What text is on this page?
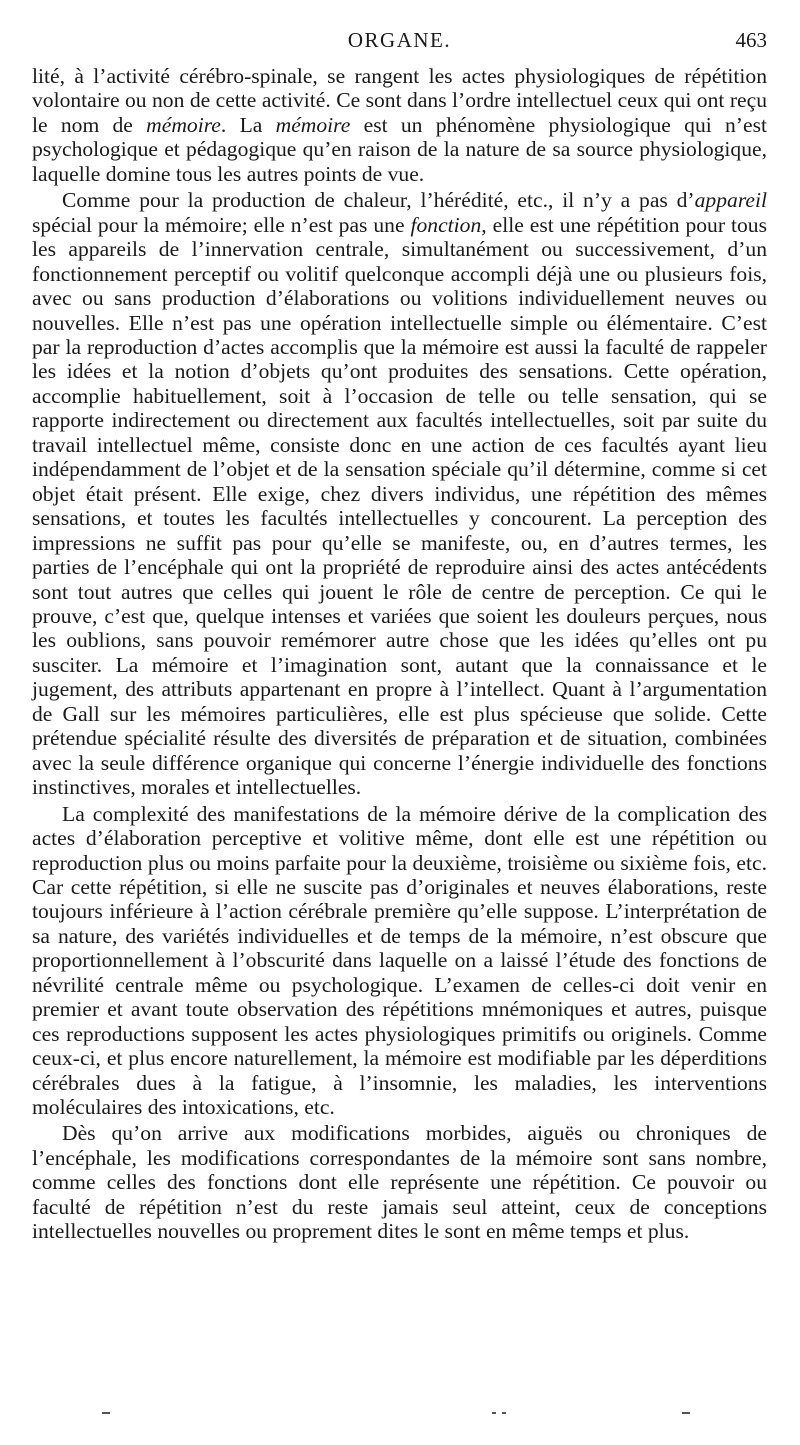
ORGANE.	463

lité, à l’activité cérébro-spinale, se rangent les actes physiologiques de répétition volontaire ou non de cette activité. Ce sont dans l’ordre intellectuel ceux qui ont reçu le nom de mémoire. La mémoire est un phénomène physiologique qui n’est psychologique et pédagogique qu’en raison de la nature de sa source physiologique, laquelle domine tous les autres points de vue.

Comme pour la production de chaleur, l’hérédité, etc., il n’y a pas d’appareil spécial pour la mémoire; elle n’est pas une fonction, elle est une répétition pour tous les appareils de l’innervation centrale, simultanément ou successivement, d’un fonctionnement perceptif ou volitif quelconque accompli déjà une ou plusieurs fois, avec ou sans production d’élaborations ou volitions individuellement neuves ou nouvelles. Elle n’est pas une opération intellectuelle simple ou élémentaire. C’est par la reproduction d’actes accomplis que la mémoire est aussi la faculté de rappeler les idées et la notion d’objets qu’ont produites des sensations. Cette opération, accomplie habituellement, soit à l’occasion de telle ou telle sensation, qui se rapporte indirectement ou directement aux facultés intellectuelles, soit par suite du travail intellectuel même, consiste donc en une action de ces facultés ayant lieu indépendamment de l’objet et de la sensation spéciale qu’il détermine, comme si cet objet était présent. Elle exige, chez divers individus, une répétition des mêmes sensations, et toutes les facultés intellectuelles y concourent. La perception des impressions ne suffit pas pour qu’elle se manifeste, ou, en d’autres termes, les parties de l’encéphale qui ont la propriété de reproduire ainsi des actes antécédents sont tout autres que celles qui jouent le rôle de centre de perception. Ce qui le prouve, c’est que, quelque intenses et variées que soient les douleurs perçues, nous les oublions, sans pouvoir remémorer autre chose que les idées qu’elles ont pu susciter. La mémoire et l’imagination sont, autant que la connaissance et le jugement, des attributs appartenant en propre à l’intellect. Quant à l’argumentation de Gall sur les mémoires particulières, elle est plus spécieuse que solide. Cette prétendue spécialité résulte des diversités de préparation et de situation, combinées avec la seule différence organique qui concerne l’énergie individuelle des fonctions instinctives, morales et intellectuelles.

La complexité des manifestations de la mémoire dérive de la complication des actes d’élaboration perceptive et volitive même, dont elle est une répétition ou reproduction plus ou moins parfaite pour la deuxième, troisième ou sixième fois, etc. Car cette répétition, si elle ne suscite pas d’originales et neuves élaborations, reste toujours inférieure à l’action cérébrale première qu’elle suppose. L’interprétation de sa nature, des variétés individuelles et de temps de la mémoire, n’est obscure que proportionnellement à l’obscurité dans laquelle on a laissé l’étude des fonctions de névrilité centrale même ou psychologique. L’examen de celles-ci doit venir en premier et avant toute observation des répétitions mnémoniques et autres, puisque ces reproductions supposent les actes physiologiques primitifs ou originels. Comme ceux-ci, et plus encore naturellement, la mémoire est modifiable par les déperditions cérébrales dues à la fatigue, à l’insomnie, les maladies, les interventions moléculaires des intoxications, etc.

Dès qu’on arrive aux modifications morbides, aiguës ou chroniques de l’encéphale, les modifications correspondantes de la mémoire sont sans nombre, comme celles des fonctions dont elle représente une répétition. Ce pouvoir ou faculté de répétition n’est du reste jamais seul atteint, ceux de conceptions intellectuelles nouvelles ou proprement dites le sont en même temps et plus.
